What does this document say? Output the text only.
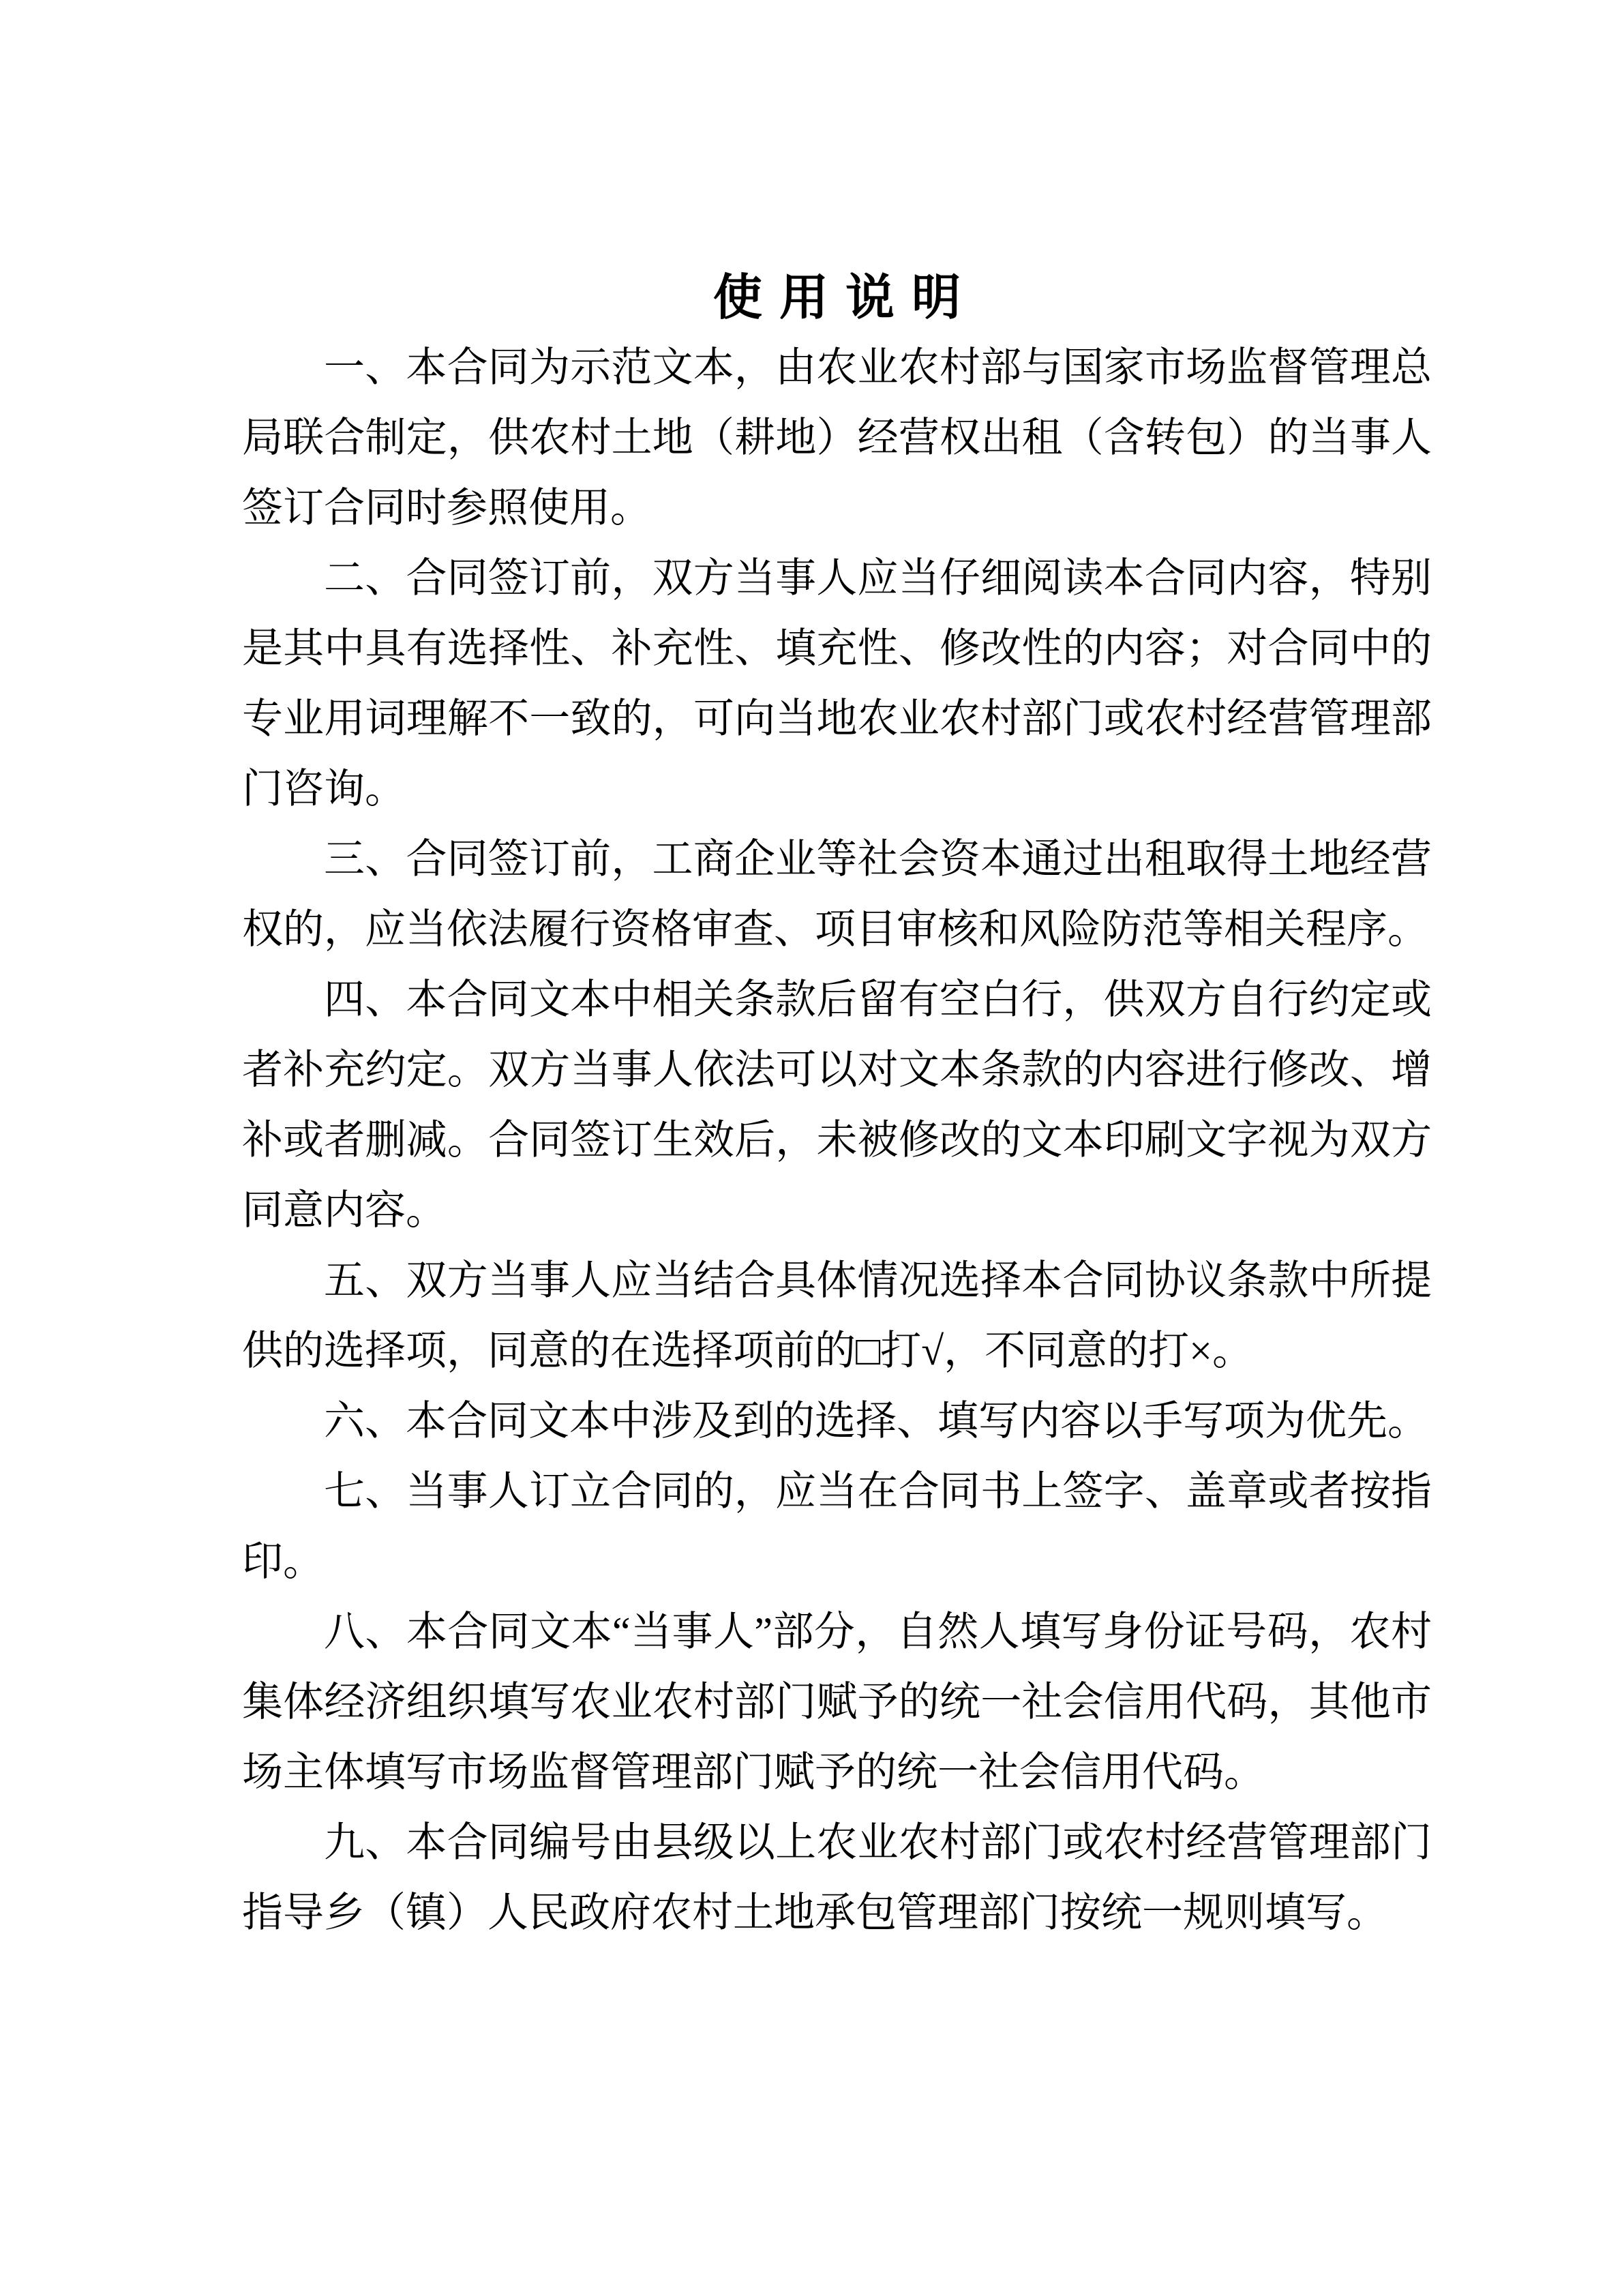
使 用 说 明

一、本合同为示范文本，由农业农村部与国家市场监督管理总局联合制定，供农村土地（耕地）经营权出租（含转包）的当事人签订合同时参照使用。

二、合同签订前，双方当事人应当仔细阅读本合同内容，特别是其中具有选择性、补充性、填充性、修改性的内容；对合同中的专业用词理解不一致的，可向当地农业农村部门或农村经营管理部门咨询。

三、合同签订前，工商企业等社会资本通过出租取得土地经营权的，应当依法履行资格审查、项目审核和风险防范等相关程序。

四、本合同文本中相关条款后留有空白行，供双方自行约定或者补充约定。双方当事人依法可以对文本条款的内容进行修改、增补或者删减。合同签订生效后，未被修改的文本印刷文字视为双方同意内容。

五、双方当事人应当结合具体情况选择本合同协议条款中所提供的选择项，同意的在选择项前的□打√，不同意的打×。

六、本合同文本中涉及到的选择、填写内容以手写项为优先。

七、当事人订立合同的，应当在合同书上签字、盖章或者按指印。

八、本合同文本“当事人”部分，自然人填写身份证号码，农村集体经济组织填写农业农村部门赋予的统一社会信用代码，其他市场主体填写市场监督管理部门赋予的统一社会信用代码。

九、本合同编号由县级以上农业农村部门或农村经营管理部门指导乡（镇）人民政府农村土地承包管理部门按统一规则填写。
